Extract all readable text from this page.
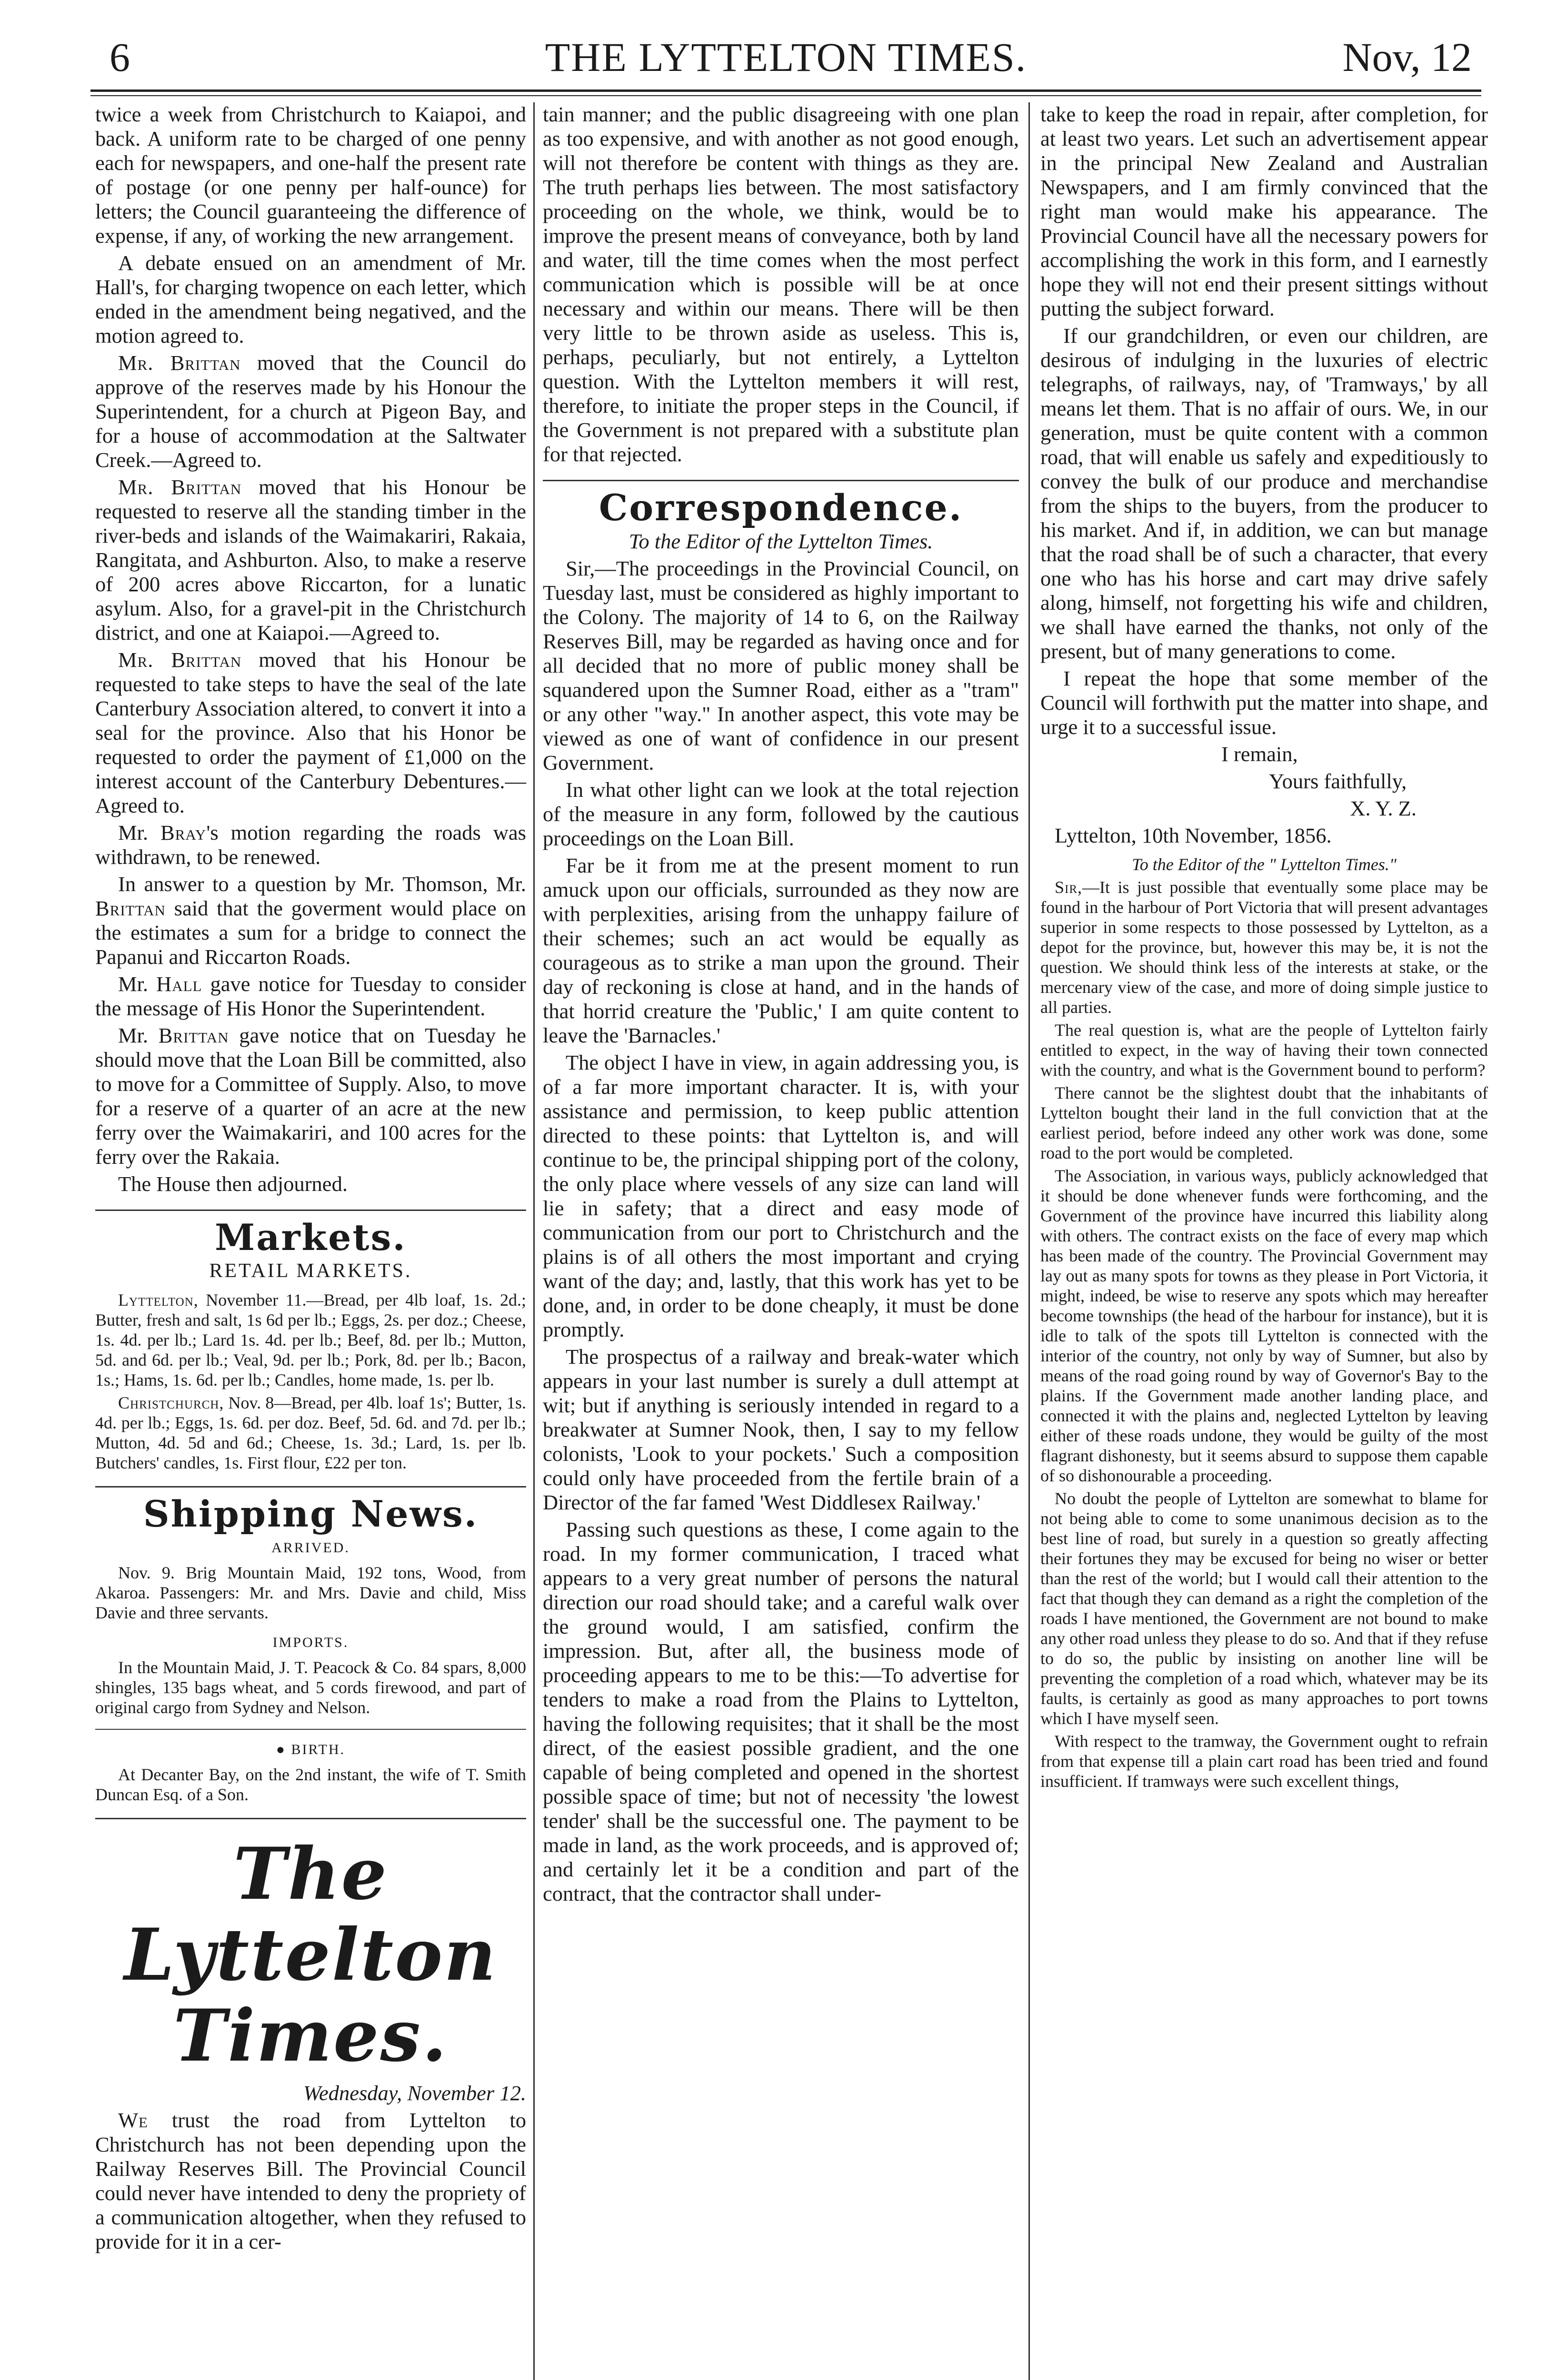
6	THE LYTTELTON TIMES.	Nov, 12

twice a week from Christchurch to Kaiapoi, and back. A uniform rate to be charged of one penny each for newspapers, and one-half the present rate of postage (or one penny per half-ounce) for letters; the Council guaranteeing the difference of expense, if any, of working the new arrangement.

A debate ensued on an amendment of Mr. Hall's, for charging twopence on each letter, which ended in the amendment being negatived, and the motion agreed to.

Mr. Brittan moved that the Council do approve of the reserves made by his Honour the Superintendent, for a church at Pigeon Bay, and for a house of accommodation at the Saltwater Creek.—Agreed to.

Mr. Brittan moved that his Honour be requested to reserve all the standing timber in the river-beds and islands of the Waimakariri, Rakaia, Rangitata, and Ashburton. Also, to make a reserve of 200 acres above Riccarton, for a lunatic asylum. Also, for a gravel-pit in the Christchurch district, and one at Kaiapoi.—Agreed to.

Mr. Brittan moved that his Honour be requested to take steps to have the seal of the late Canterbury Association altered, to convert it into a seal for the province. Also that his Honor be requested to order the payment of £1,000 on the interest account of the Canterbury Debentures.—Agreed to.

Mr. Bray's motion regarding the roads was withdrawn, to be renewed.

In answer to a question by Mr. Thomson, Mr. Brittan said that the goverment would place on the estimates a sum for a bridge to connect the Papanui and Riccarton Roads.

Mr. Hall gave notice for Tuesday to consider the message of His Honor the Superintendent.

Mr. Brittan gave notice that on Tuesday he should move that the Loan Bill be committed, also to move for a Committee of Supply. Also, to move for a reserve of a quarter of an acre at the new ferry over the Waimakariri, and 100 acres for the ferry over the Rakaia.

The House then adjourned.

Markets.

RETAIL MARKETS.

Lyttelton, November 11.—Bread, per 4lb loaf, 1s. 2d.; Butter, fresh and salt, 1s 6d per lb.; Eggs, 2s. per doz.; Cheese, 1s. 4d. per lb.; Lard 1s. 4d. per lb.; Beef, 8d. per lb.; Mutton, 5d. and 6d. per lb.; Veal, 9d. per lb.; Pork, 8d. per lb.; Bacon, 1s.; Hams, 1s. 6d. per lb.; Candles, home made, 1s. per lb.

Christchurch, Nov. 8—Bread, per 4lb. loaf 1s'; Butter, 1s. 4d. per lb.; Eggs, 1s. 6d. per doz. Beef, 5d. 6d. and 7d. per lb.; Mutton, 4d. 5d and 6d.; Cheese, 1s. 3d.; Lard, 1s. per lb. Butchers' candles, 1s. First flour, £22 per ton.

Shipping News.

ARRIVED.

Nov. 9. Brig Mountain Maid, 192 tons, Wood, from Akaroa. Passengers: Mr. and Mrs. Davie and child, Miss Davie and three servants.

IMPORTS.

In the Mountain Maid, J. T. Peacock & Co. 84 spars, 8,000 shingles, 135 bags wheat, and 5 cords firewood, and part of original cargo from Sydney and Nelson.

● BIRTH.

At Decanter Bay, on the 2nd instant, the wife of T. Smith Duncan Esq. of a Son.

The Lyttelton Times.

Wednesday, November 12.

We trust the road from Lyttelton to Christchurch has not been depending upon the Railway Reserves Bill. The Provincial Council could never have intended to deny the propriety of a communication altogether, when they refused to provide for it in a cer-

tain manner; and the public disagreeing with one plan as too expensive, and with another as not good enough, will not therefore be content with things as they are. The truth perhaps lies between. The most satisfactory proceeding on the whole, we think, would be to improve the present means of conveyance, both by land and water, till the time comes when the most perfect communication which is possible will be at once necessary and within our means. There will be then very little to be thrown aside as useless. This is, perhaps, peculiarly, but not entirely, a Lyttelton question. With the Lyttelton members it will rest, therefore, to initiate the proper steps in the Council, if the Government is not prepared with a substitute plan for that rejected.

Correspondence.

To the Editor of the Lyttelton Times.

Sir,—The proceedings in the Provincial Council, on Tuesday last, must be considered as highly important to the Colony. The majority of 14 to 6, on the Railway Reserves Bill, may be regarded as having once and for all decided that no more of public money shall be squandered upon the Sumner Road, either as a "tram" or any other "way." In another aspect, this vote may be viewed as one of want of confidence in our present Government.

In what other light can we look at the total rejection of the measure in any form, followed by the cautious proceedings on the Loan Bill.

Far be it from me at the present moment to run amuck upon our officials, surrounded as they now are with perplexities, arising from the unhappy failure of their schemes; such an act would be equally as courageous as to strike a man upon the ground. Their day of reckoning is close at hand, and in the hands of that horrid creature the 'Public,' I am quite content to leave the 'Barnacles.'

The object I have in view, in again addressing you, is of a far more important character. It is, with your assistance and permission, to keep public attention directed to these points: that Lyttelton is, and will continue to be, the principal shipping port of the colony, the only place where vessels of any size can land will lie in safety; that a direct and easy mode of communication from our port to Christchurch and the plains is of all others the most important and crying want of the day; and, lastly, that this work has yet to be done, and, in order to be done cheaply, it must be done promptly.

The prospectus of a railway and break-water which appears in your last number is surely a dull attempt at wit; but if anything is seriously intended in regard to a breakwater at Sumner Nook, then, I say to my fellow colonists, 'Look to your pockets.' Such a composition could only have proceeded from the fertile brain of a Director of the far famed 'West Diddlesex Railway.'

Passing such questions as these, I come again to the road. In my former communication, I traced what appears to a very great number of persons the natural direction our road should take; and a careful walk over the ground would, I am satisfied, confirm the impression. But, after all, the business mode of proceeding appears to me to be this:—To advertise for tenders to make a road from the Plains to Lyttelton, having the following requisites; that it shall be the most direct, of the easiest possible gradient, and the one capable of being completed and opened in the shortest possible space of time; but not of necessity 'the lowest tender' shall be the successful one. The payment to be made in land, as the work proceeds, and is approved of; and certainly let it be a condition and part of the contract, that the contractor shall under-

take to keep the road in repair, after completion, for at least two years. Let such an advertisement appear in the principal New Zealand and Australian Newspapers, and I am firmly convinced that the right man would make his appearance. The Provincial Council have all the necessary powers for accomplishing the work in this form, and I earnestly hope they will not end their present sittings without putting the subject forward.

If our grandchildren, or even our children, are desirous of indulging in the luxuries of electric telegraphs, of railways, nay, of 'Tramways,' by all means let them. That is no affair of ours. We, in our generation, must be quite content with a common road, that will enable us safely and expeditiously to convey the bulk of our produce and merchandise from the ships to the buyers, from the producer to his market. And if, in addition, we can but manage that the road shall be of such a character, that every one who has his horse and cart may drive safely along, himself, not forgetting his wife and children, we shall have earned the thanks, not only of the present, but of many generations to come.

I repeat the hope that some member of the Council will forthwith put the matter into shape, and urge it to a successful issue.

I remain,

Yours faithfully,

X. Y. Z.

Lyttelton, 10th November, 1856.

To the Editor of the " Lyttelton Times."

Sir,—It is just possible that eventually some place may be found in the harbour of Port Victoria that will present advantages superior in some respects to those possessed by Lyttelton, as a depot for the province, but, however this may be, it is not the question. We should think less of the interests at stake, or the mercenary view of the case, and more of doing simple justice to all parties.

The real question is, what are the people of Lyttelton fairly entitled to expect, in the way of having their town connected with the country, and what is the Government bound to perform?

There cannot be the slightest doubt that the inhabitants of Lyttelton bought their land in the full conviction that at the earliest period, before indeed any other work was done, some road to the port would be completed.

The Association, in various ways, publicly acknowledged that it should be done whenever funds were forthcoming, and the Government of the province have incurred this liability along with others. The contract exists on the face of every map which has been made of the country. The Provincial Government may lay out as many spots for towns as they please in Port Victoria, it might, indeed, be wise to reserve any spots which may hereafter become townships (the head of the harbour for instance), but it is idle to talk of the spots till Lyttelton is connected with the interior of the country, not only by way of Sumner, but also by means of the road going round by way of Governor's Bay to the plains. If the Government made another landing place, and connected it with the plains and, neglected Lyttelton by leaving either of these roads undone, they would be guilty of the most flagrant dishonesty, but it seems absurd to suppose them capable of so dishonourable a proceeding.

No doubt the people of Lyttelton are somewhat to blame for not being able to come to some unanimous decision as to the best line of road, but surely in a question so greatly affecting their fortunes they may be excused for being no wiser or better than the rest of the world; but I would call their attention to the fact that though they can demand as a right the completion of the roads I have mentioned, the Government are not bound to make any other road unless they please to do so. And that if they refuse to do so, the public by insisting on another line will be preventing the completion of a road which, whatever may be its faults, is certainly as good as many approaches to port towns which I have myself seen.

With respect to the tramway, the Government ought to refrain from that expense till a plain cart road has been tried and found insufficient. If tramways were such excellent things,
